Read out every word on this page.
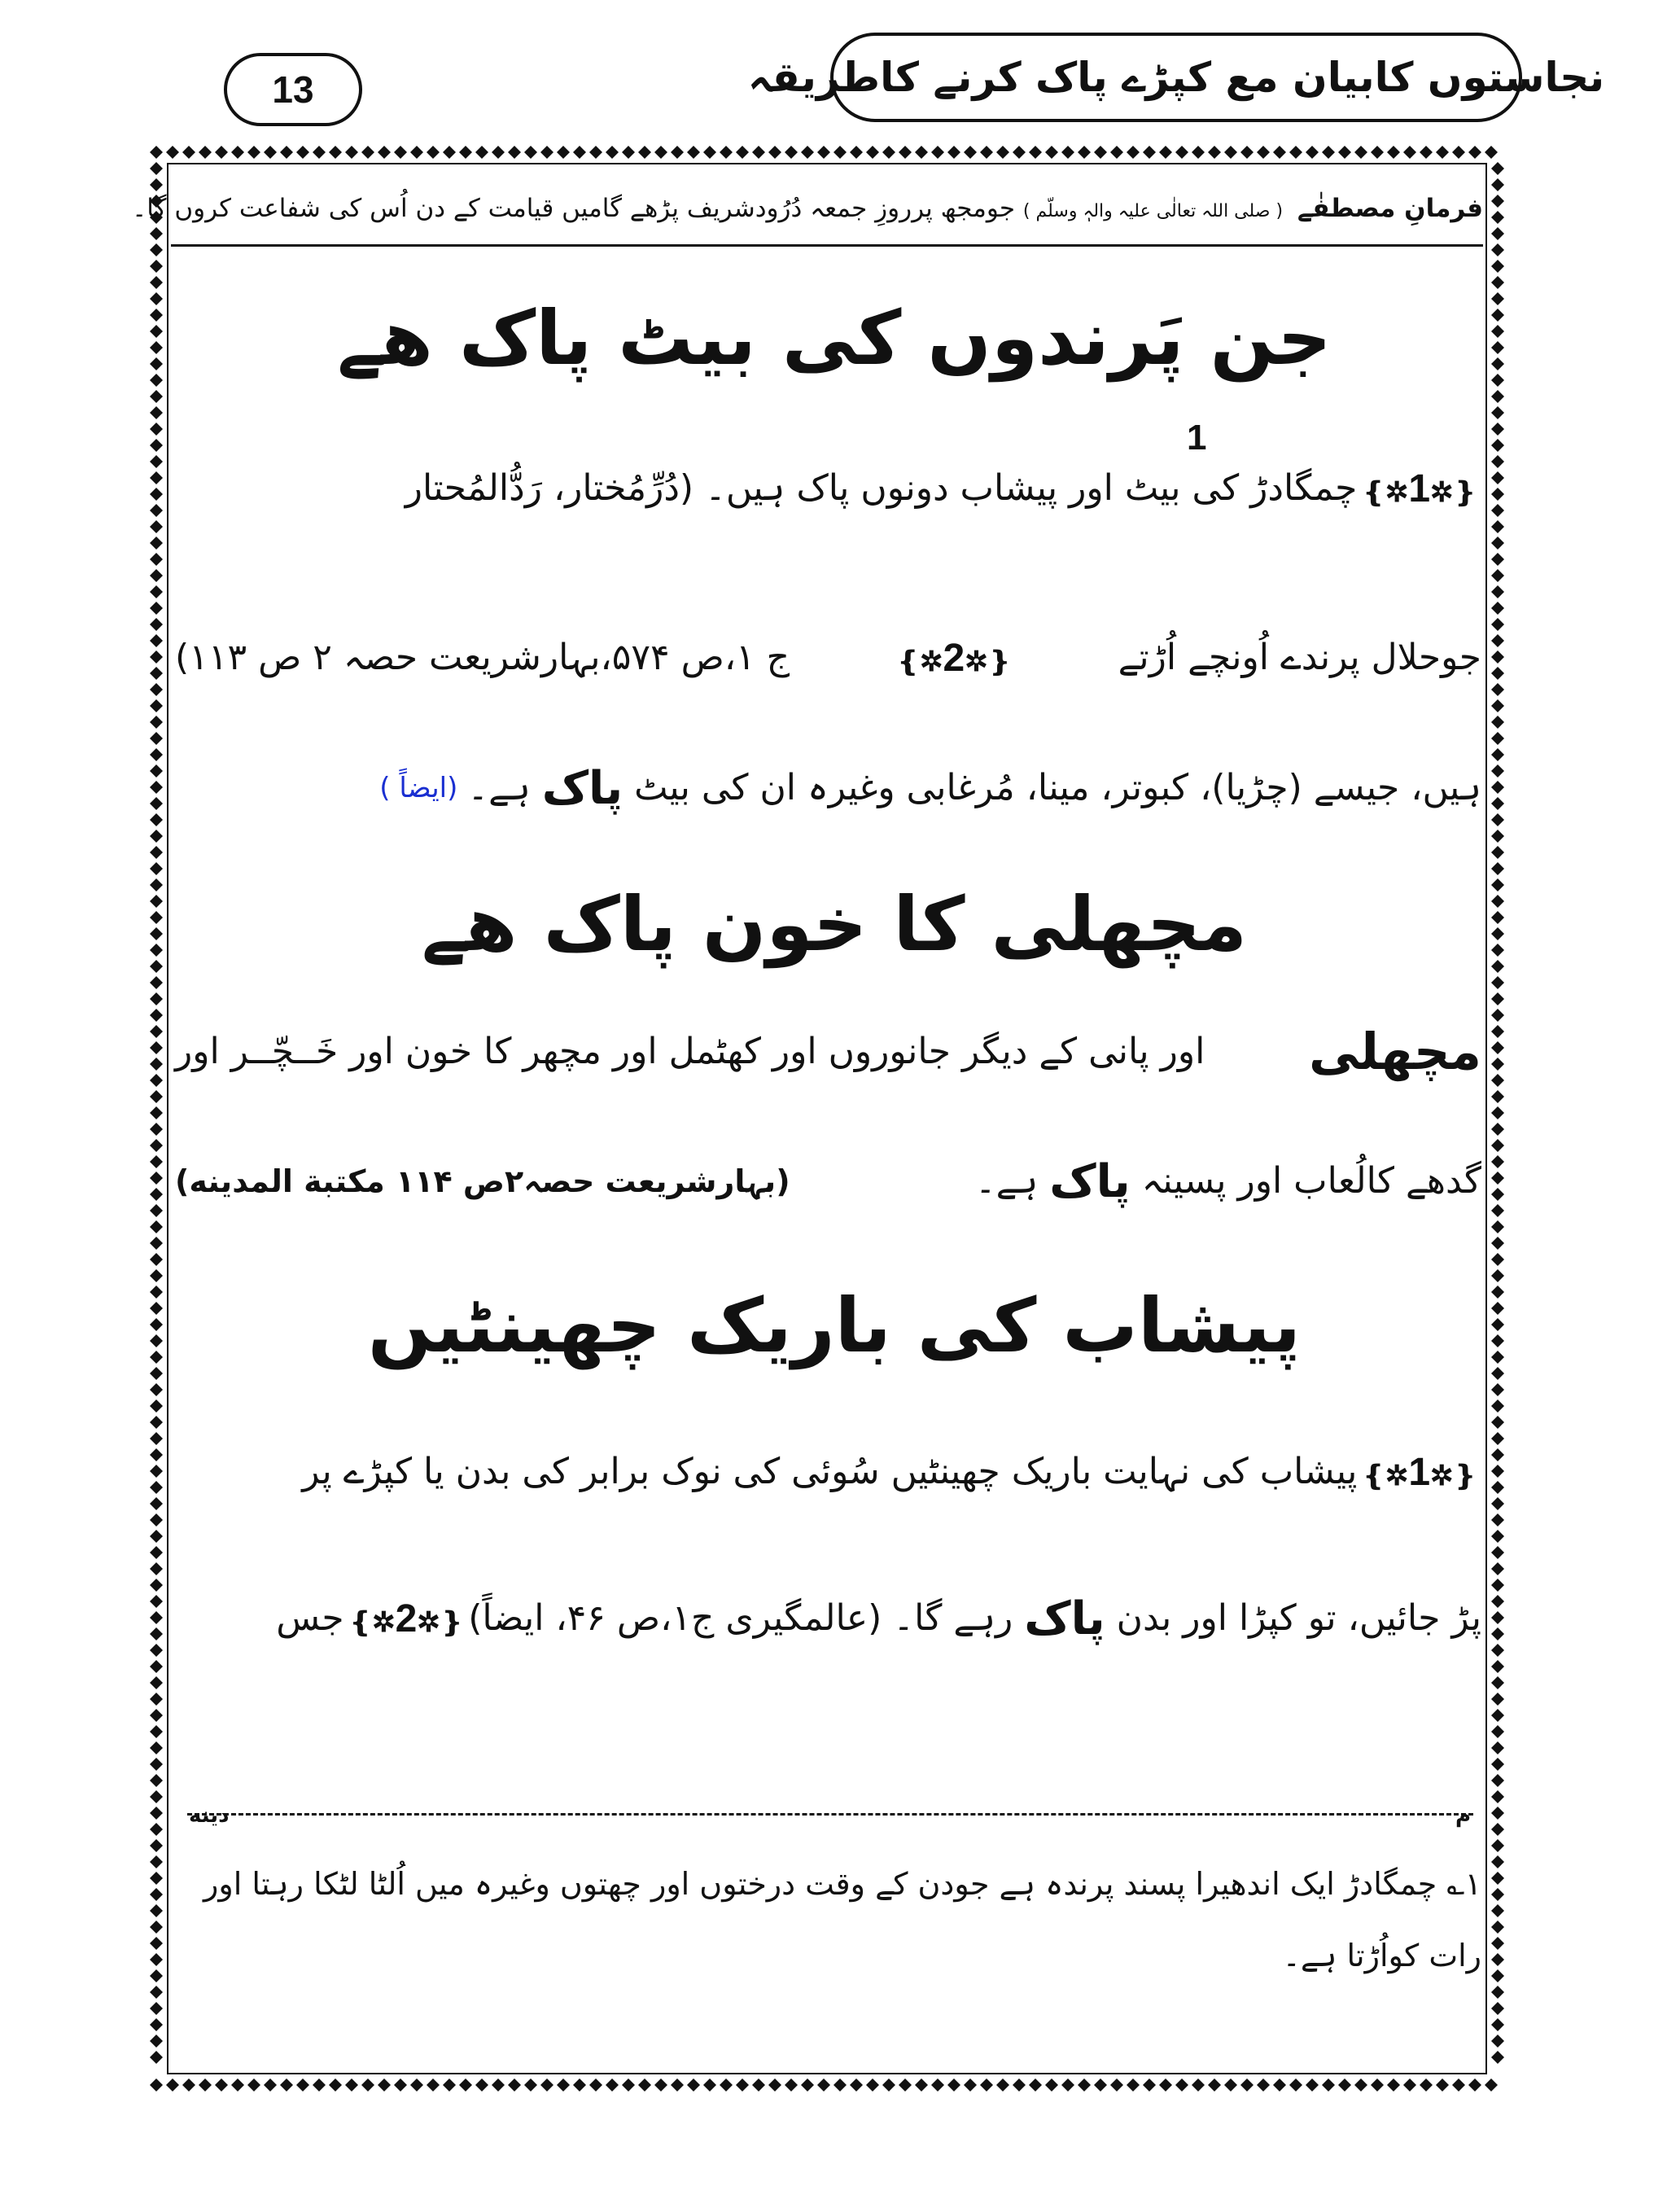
13	نجاستوں کابیان مع کپڑے پاک کرنے کاطریقہ
فرمانِ مصطفٰے ( صلی اللہ تعالٰی علیہ والہٖ وسلّم ) جومجھ پرروزِ جمعہ دُرُودشریف پڑھے گامیں قیامت کے دن اُس کی شفاعت کروں گا۔
جن پَرندوں کی بیٹ پاک ھے
1
❴✲1✲❵
چمگادڑ کی بیٹ اور پیشاب دونوں پاک ہیں۔ (دُرِّمُختار، رَدُّالمُحتار
جوحلال پرندے اُونچے اُڑتے
❴✲2✲❵
ج ۱،ص ۵۷۴،بہارشریعت حصہ ۲ ص ۱۱۳)
ہیں، جیسے (چڑیا)، کبوتر، مینا، مُرغابی وغیرہ ان کی بیٹ
پاک
ہے۔
(ایضاً )
مچھلی کا خون پاک ھے
مچھلی
اور پانی کے دیگر جانوروں اور کھٹمل اور مچھر کا خون اور خَــچّــر اور
گدھے کالُعاب اور پسینہ
پاک
ہے۔
(بہارشریعت حصہ۲ص ۱۱۴ مکتبة المدینه)
پیشاب کی باریک چھینٹیں
❴✲1✲❵
پیشاب کی نہایت باریک چھینٹیں سُوئی کی نوک برابر کی بدن یا کپڑے پر
پڑ جائیں، تو کپڑا اور بدن
پاک
رہے گا۔ (عالمگیری ج۱،ص ۴۶، ایضاً)
❴✲2✲❵
جس
م
دینه
۱؎ چمگادڑ ایک اندھیرا پسند پرندہ ہے جودن کے وقت درختوں اور چھتوں وغیرہ میں اُلٹا لٹکا رہتا اور
رات کواُڑتا ہے۔
